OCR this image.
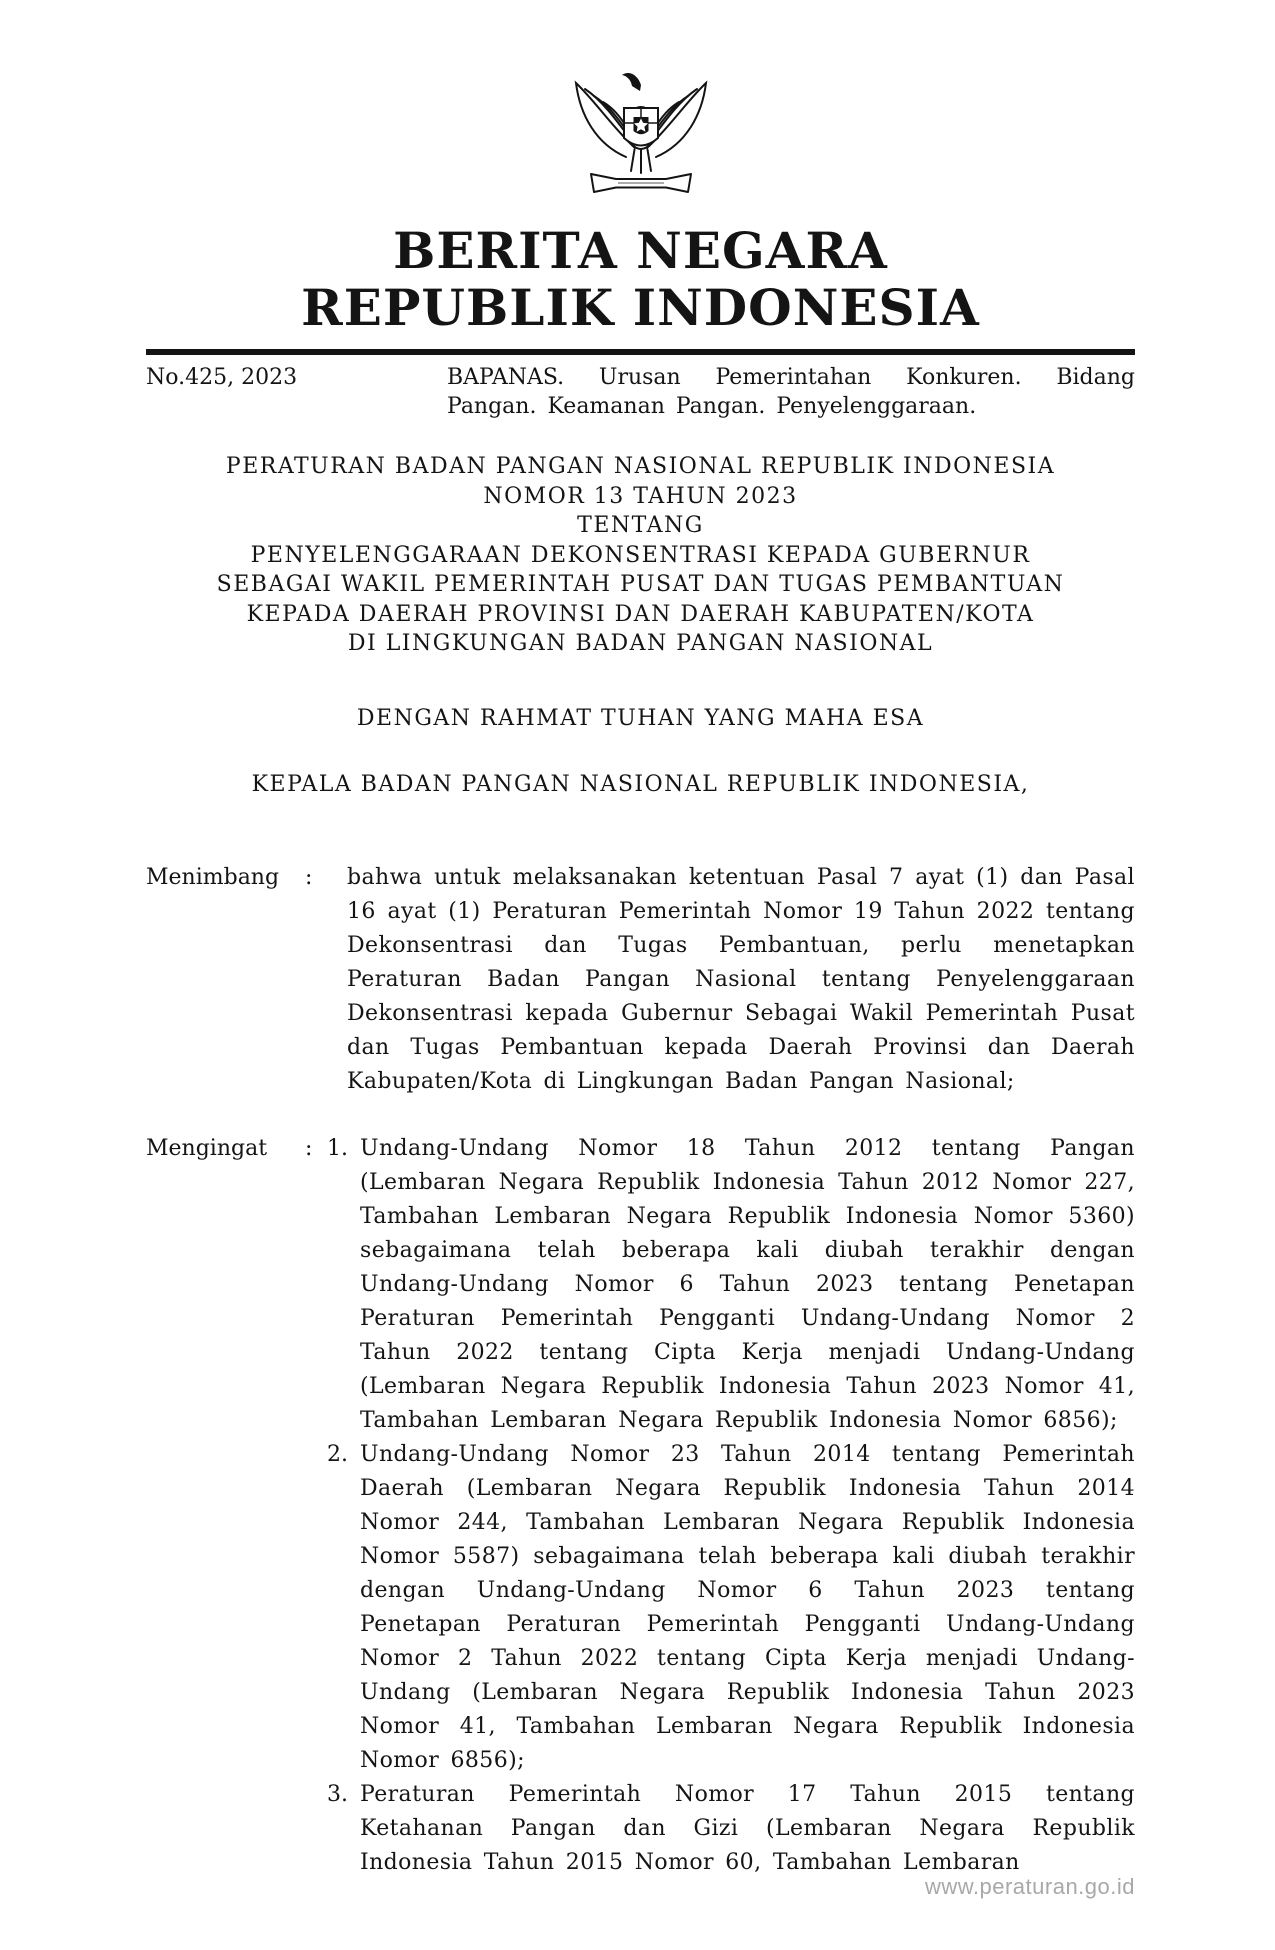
BERITA NEGARA
REPUBLIK INDONESIA
No.425, 2023	BAPANAS. Urusan Pemerintahan Konkuren. Bidang Pangan. Keamanan Pangan. Penyelenggaraan.

PERATURAN BADAN PANGAN NASIONAL REPUBLIK INDONESIA
NOMOR 13 TAHUN 2023
TENTANG
PENYELENGGARAAN DEKONSENTRASI KEPADA GUBERNUR
SEBAGAI WAKIL PEMERINTAH PUSAT DAN TUGAS PEMBANTUAN
KEPADA DAERAH PROVINSI DAN DAERAH KABUPATEN/KOTA
DI LINGKUNGAN BADAN PANGAN NASIONAL

DENGAN RAHMAT TUHAN YANG MAHA ESA

KEPALA BADAN PANGAN NASIONAL REPUBLIK INDONESIA,

Menimbang	:	bahwa untuk melaksanakan ketentuan Pasal 7 ayat (1) dan Pasal 16 ayat (1) Peraturan Pemerintah Nomor 19 Tahun 2022 tentang Dekonsentrasi dan Tugas Pembantuan, perlu menetapkan Peraturan Badan Pangan Nasional tentang Penyelenggaraan Dekonsentrasi kepada Gubernur Sebagai Wakil Pemerintah Pusat dan Tugas Pembantuan kepada Daerah Provinsi dan Daerah Kabupaten/Kota di Lingkungan Badan Pangan Nasional;

Mengingat	: 1. Undang-Undang Nomor 18 Tahun 2012 tentang Pangan (Lembaran Negara Republik Indonesia Tahun 2012 Nomor 227, Tambahan Lembaran Negara Republik Indonesia Nomor 5360) sebagaimana telah beberapa kali diubah terakhir dengan Undang-Undang Nomor 6 Tahun 2023 tentang Penetapan Peraturan Pemerintah Pengganti Undang-Undang Nomor 2 Tahun 2022 tentang Cipta Kerja menjadi Undang-Undang (Lembaran Negara Republik Indonesia Tahun 2023 Nomor 41, Tambahan Lembaran Negara Republik Indonesia Nomor 6856);

2. Undang-Undang Nomor 23 Tahun 2014 tentang Pemerintah Daerah (Lembaran Negara Republik Indonesia Tahun 2014 Nomor 244, Tambahan Lembaran Negara Republik Indonesia Nomor 5587) sebagaimana telah beberapa kali diubah terakhir dengan Undang-Undang Nomor 6 Tahun 2023 tentang Penetapan Peraturan Pemerintah Pengganti Undang-Undang Nomor 2 Tahun 2022 tentang Cipta Kerja menjadi Undang-Undang (Lembaran Negara Republik Indonesia Tahun 2023 Nomor 41, Tambahan Lembaran Negara Republik Indonesia Nomor 6856);

3. Peraturan Pemerintah Nomor 17 Tahun 2015 tentang Ketahanan Pangan dan Gizi (Lembaran Negara Republik Indonesia Tahun 2015 Nomor 60, Tambahan Lembaran

www.peraturan.go.id
